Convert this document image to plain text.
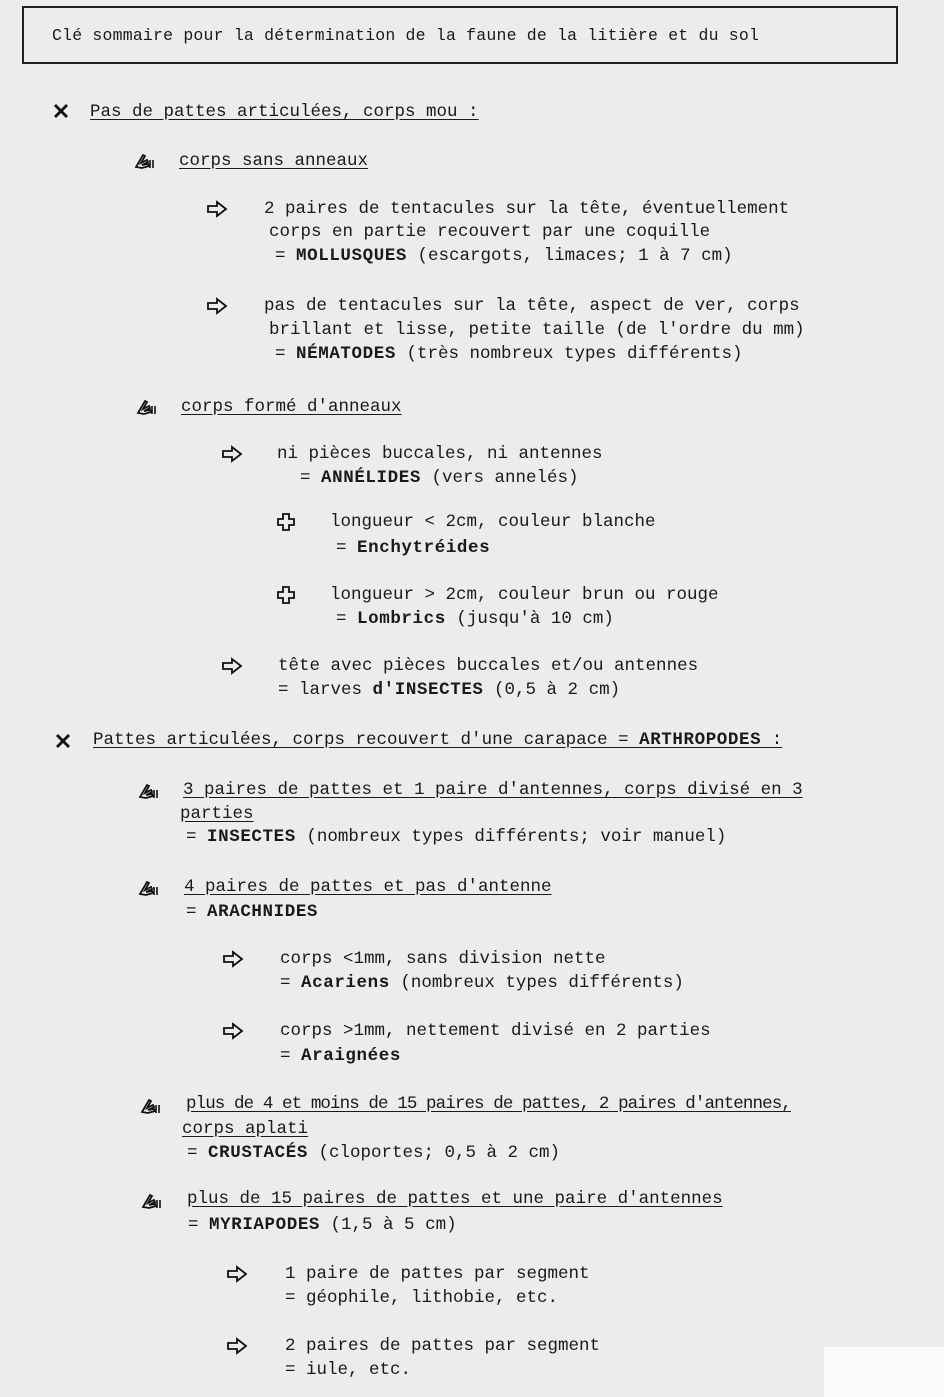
Clé sommaire pour la détermination de la faune de la litière et du sol
Pas de pattes articulées, corps mou :
corps sans anneaux
2 paires de tentacules sur la tête, éventuellement
corps en partie recouvert par une coquille
= MOLLUSQUES (escargots, limaces; 1 à 7 cm)
pas de tentacules sur la tête, aspect de ver, corps
brillant et lisse, petite taille (de l'ordre du mm)
= NÉMATODES (très nombreux types différents)
corps formé d'anneaux
ni pièces buccales, ni antennes
= ANNÉLIDES (vers annelés)
longueur < 2cm, couleur blanche
= Enchytréides
longueur > 2cm, couleur brun ou rouge
= Lombrics (jusqu'à 10 cm)
tête avec pièces buccales et/ou antennes
= larves d'INSECTES (0,5 à 2 cm)
Pattes articulées, corps recouvert d'une carapace = ARTHROPODES :
3 paires de pattes et 1 paire d'antennes, corps divisé en 3
parties
= INSECTES (nombreux types différents; voir manuel)
4 paires de pattes et pas d'antenne
= ARACHNIDES
corps <1mm, sans division nette
= Acariens (nombreux types différents)
corps >1mm, nettement divisé en 2 parties
= Araignées
plus de 4 et moins de 15 paires de pattes, 2 paires d'antennes,
corps aplati
= CRUSTACÉS (cloportes; 0,5 à 2 cm)
plus de 15 paires de pattes et une paire d'antennes
= MYRIAPODES (1,5 à 5 cm)
1 paire de pattes par segment
= géophile, lithobie, etc.
2 paires de pattes par segment
= iule, etc.
